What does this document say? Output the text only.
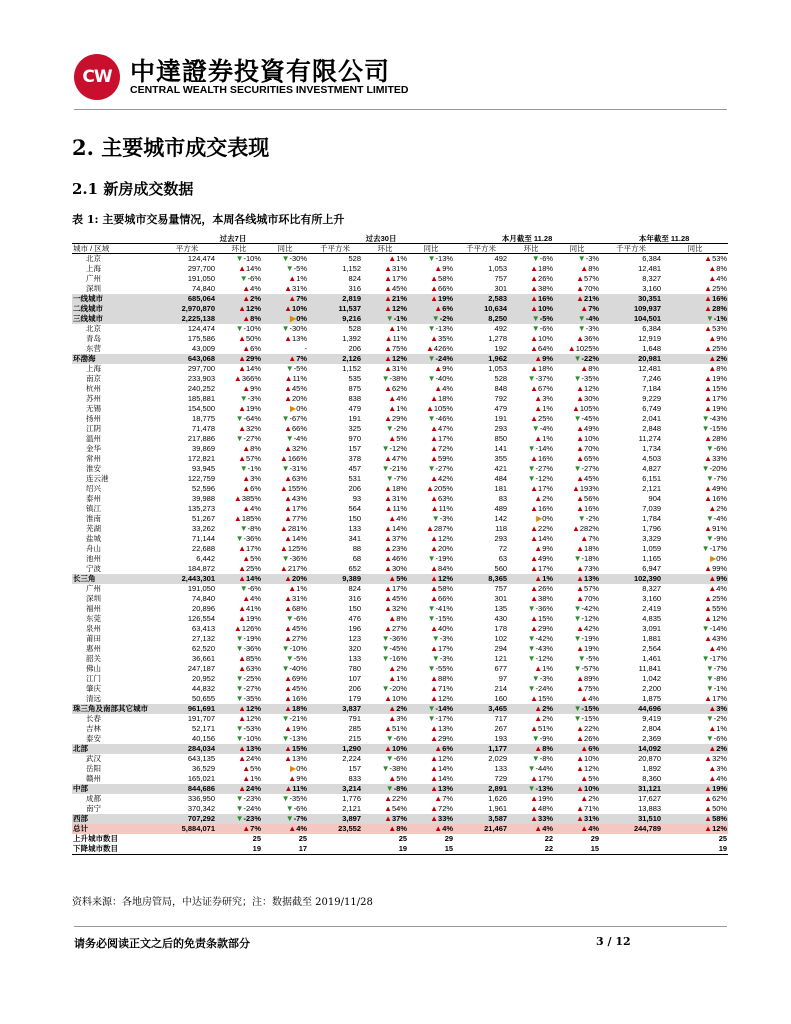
CW 中達證券投資有限公司
CENTRAL WEALTH SECURITIES INVESTMENT LIMITED
2. 主要城市成交表现
2.1 新房成交数据
表 1: 主要城市交易量情况，本周各线城市环比有所上升
	过去7日			过去30日			本月截至 11.28			本年截至 11.28	
城市 / 区域	平方米	环比	同比	千平方米	环比	同比	千平方米	环比	同比	千平方米	同比
北京	124,474	▼-10%	▼-30%	528	▲1%	▼-13%	492	▼-6%	▼-3%	6,384	▲53%
上海	297,700	▲14%	▼-5%	1,152	▲31%	▲9%	1,053	▲18%	▲8%	12,481	▲8%
广州	191,050	▼-6%	▲1%	824	▲17%	▲58%	757	▲26%	▲57%	8,327	▲4%
深圳	74,840	▲4%	▲31%	316	▲45%	▲66%	301	▲38%	▲70%	3,160	▲25%
一线城市	685,064	▲2%	▲7%	2,819	▲21%	▲19%	2,583	▲16%	▲21%	30,351	▲16%
二线城市	2,970,870	▲12%	▲10%	11,537	▲12%	▲6%	10,634	▲10%	▲7%	109,937	▲28%
三线城市	2,225,138	▲8%	▶0%	9,216	▼-1%	▼-2%	8,250	▼-5%	▼-4%	104,501	▼-1%
北京	124,474	▼-10%	▼-30%	528	▲1%	▼-13%	492	▼-6%	▼-3%	6,384	▲53%
青岛	175,586	▲50%	▲13%	1,392	▲11%	▲35%	1,278	▲10%	▲36%	12,919	▲9%
东营	43,009	▲6%	-	206	▲75%	▲426%	192	▲64%	▲1025%	1,648	▲25%
环渤海	643,068	▲29%	▲7%	2,126	▲12%	▼-24%	1,962	▲9%	▼-22%	20,981	▲2%
上海	297,700	▲14%	▼-5%	1,152	▲31%	▲9%	1,053	▲18%	▲8%	12,481	▲8%
南京	233,903	▲366%	▲11%	535	▼-38%	▼-40%	528	▼-37%	▼-35%	7,246	▲19%
杭州	240,252	▲9%	▲45%	875	▲62%	▲4%	848	▲67%	▲12%	7,184	▲15%
苏州	185,881	▼-3%	▲20%	838	▲4%	▲18%	792	▲3%	▲30%	9,229	▲17%
无锡	154,500	▲19%	▶0%	479	▲1%	▲105%	479	▲1%	▲105%	6,749	▲19%
扬州	18,775	▼-64%	▼-67%	191	▲29%	▼-46%	191	▲25%	▼-45%	2,041	▼-43%
江阴	71,478	▲32%	▲66%	325	▼-2%	▲47%	293	▼-4%	▲49%	2,848	▼-15%
温州	217,886	▼-27%	▼-4%	970	▲5%	▲17%	850	▲1%	▲10%	11,274	▲28%
金华	39,869	▲8%	▲32%	157	▼-12%	▲72%	141	▼-14%	▲70%	1,734	▼-6%
常州	172,821	▲57%	▲166%	378	▲47%	▲59%	355	▲16%	▲65%	4,503	▲33%
淮安	93,945	▼-1%	▼-31%	457	▼-21%	▼-27%	421	▼-27%	▼-27%	4,827	▼-20%
连云港	122,759	▲3%	▲63%	531	▼-7%	▲42%	484	▼-12%	▲45%	6,151	▼-7%
绍兴	52,596	▲6%	▲155%	206	▲18%	▲205%	181	▲17%	▲193%	2,121	▲49%
泰州	39,988	▲385%	▲43%	93	▲31%	▲63%	83	▲2%	▲56%	904	▲16%
镇江	135,273	▲4%	▲17%	564	▲11%	▲11%	489	▲16%	▲16%	7,039	▲2%
淮南	51,267	▲185%	▲77%	150	▲4%	▼-3%	142	▶0%	▼-2%	1,784	▼-4%
芜湖	33,262	▼-8%	▲281%	133	▲14%	▲287%	118	▲22%	▲282%	1,796	▲91%
盐城	71,144	▼-36%	▲14%	341	▲37%	▲12%	293	▲14%	▲7%	3,329	▼-9%
舟山	22,688	▲17%	▲125%	88	▲23%	▲20%	72	▲9%	▲18%	1,059	▼-17%
池州	6,442	▲5%	▼-36%	68	▲46%	▼-19%	63	▲49%	▼-18%	1,165	▶0%
宁波	184,872	▲25%	▲217%	652	▲30%	▲84%	560	▲17%	▲73%	6,947	▲99%
长三角	2,443,301	▲14%	▲20%	9,389	▲5%	▲12%	8,365	▲1%	▲13%	102,390	▲9%
广州	191,050	▼-6%	▲1%	824	▲17%	▲58%	757	▲26%	▲57%	8,327	▲4%
深圳	74,840	▲4%	▲31%	316	▲45%	▲66%	301	▲38%	▲70%	3,160	▲25%
福州	20,896	▲41%	▲68%	150	▲32%	▼-41%	135	▼-36%	▼-42%	2,419	▲55%
东莞	126,554	▲19%	▼-6%	476	▲8%	▼-15%	430	▲15%	▼-12%	4,835	▲12%
泉州	63,413	▲126%	▲45%	196	▲27%	▲40%	178	▲29%	▲42%	3,091	▼-14%
莆田	27,132	▼-19%	▲27%	123	▼-36%	▼-3%	102	▼-42%	▼-19%	1,881	▲43%
惠州	62,520	▼-36%	▼-10%	320	▼-45%	▲17%	294	▼-43%	▲19%	2,564	▲4%
韶关	36,661	▲85%	▼-5%	133	▼-16%	▼-3%	121	▼-12%	▼-5%	1,461	▼-17%
佛山	247,187	▲63%	▼-40%	780	▲2%	▼-55%	677	▲1%	▼-57%	11,841	▼-7%
江门	20,952	▼-25%	▲69%	107	▲1%	▲88%	97	▼-3%	▲89%	1,042	▼-8%
肇庆	44,832	▼-27%	▲45%	206	▼-20%	▲71%	214	▼-24%	▲75%	2,200	▼-1%
清远	50,655	▼-35%	▲16%	179	▲10%	▲12%	160	▲15%	▲4%	1,875	▲17%
珠三角及南部其它城市	961,691	▲12%	▲18%	3,837	▲2%	▼-14%	3,465	▲2%	▼-15%	44,696	▲3%
长春	191,707	▲12%	▼-21%	791	▲3%	▼-17%	717	▲2%	▼-15%	9,419	▼-2%
吉林	52,171	▼-53%	▲19%	285	▲51%	▲13%	267	▲51%	▲22%	2,804	▲1%
泰安	40,156	▼-10%	▼-13%	215	▼-6%	▲29%	193	▼-9%	▲26%	2,369	▼-6%
北部	284,034	▲13%	▲15%	1,290	▲10%	▲6%	1,177	▲8%	▲6%	14,092	▲2%
武汉	643,135	▲24%	▲13%	2,224	▼-6%	▲12%	2,029	▼-8%	▲10%	20,870	▲32%
岳阳	36,529	▲5%	▶0%	157	▼-38%	▲14%	133	▼-44%	▲12%	1,892	▲3%
赣州	165,021	▲1%	▲9%	833	▲5%	▲14%	729	▲17%	▲5%	8,360	▲4%
中部	844,686	▲24%	▲11%	3,214	▼-8%	▲13%	2,891	▼-13%	▲10%	31,121	▲19%
成都	336,950	▼-23%	▼-35%	1,776	▲22%	▲7%	1,626	▲19%	▲2%	17,627	▲62%
南宁	370,342	▼-24%	▼-6%	2,121	▲54%	▲72%	1,961	▲48%	▲71%	13,883	▲50%
西部	707,292	▼-23%	▼-7%	3,897	▲37%	▲33%	3,587	▲33%	▲31%	31,510	▲58%
总计	5,884,071	▲7%	▲4%	23,552	▲8%	▲4%	21,467	▲4%	▲4%	244,789	▲12%
上升城市数目		25	25		25	29		22	29		25
下降城市数目		19	17		19	15		22	15		19
资料来源：各地房管局，中达证券研究；注：数据截至 2019/11/28
请务必阅读正文之后的免责条款部分	3 / 12
